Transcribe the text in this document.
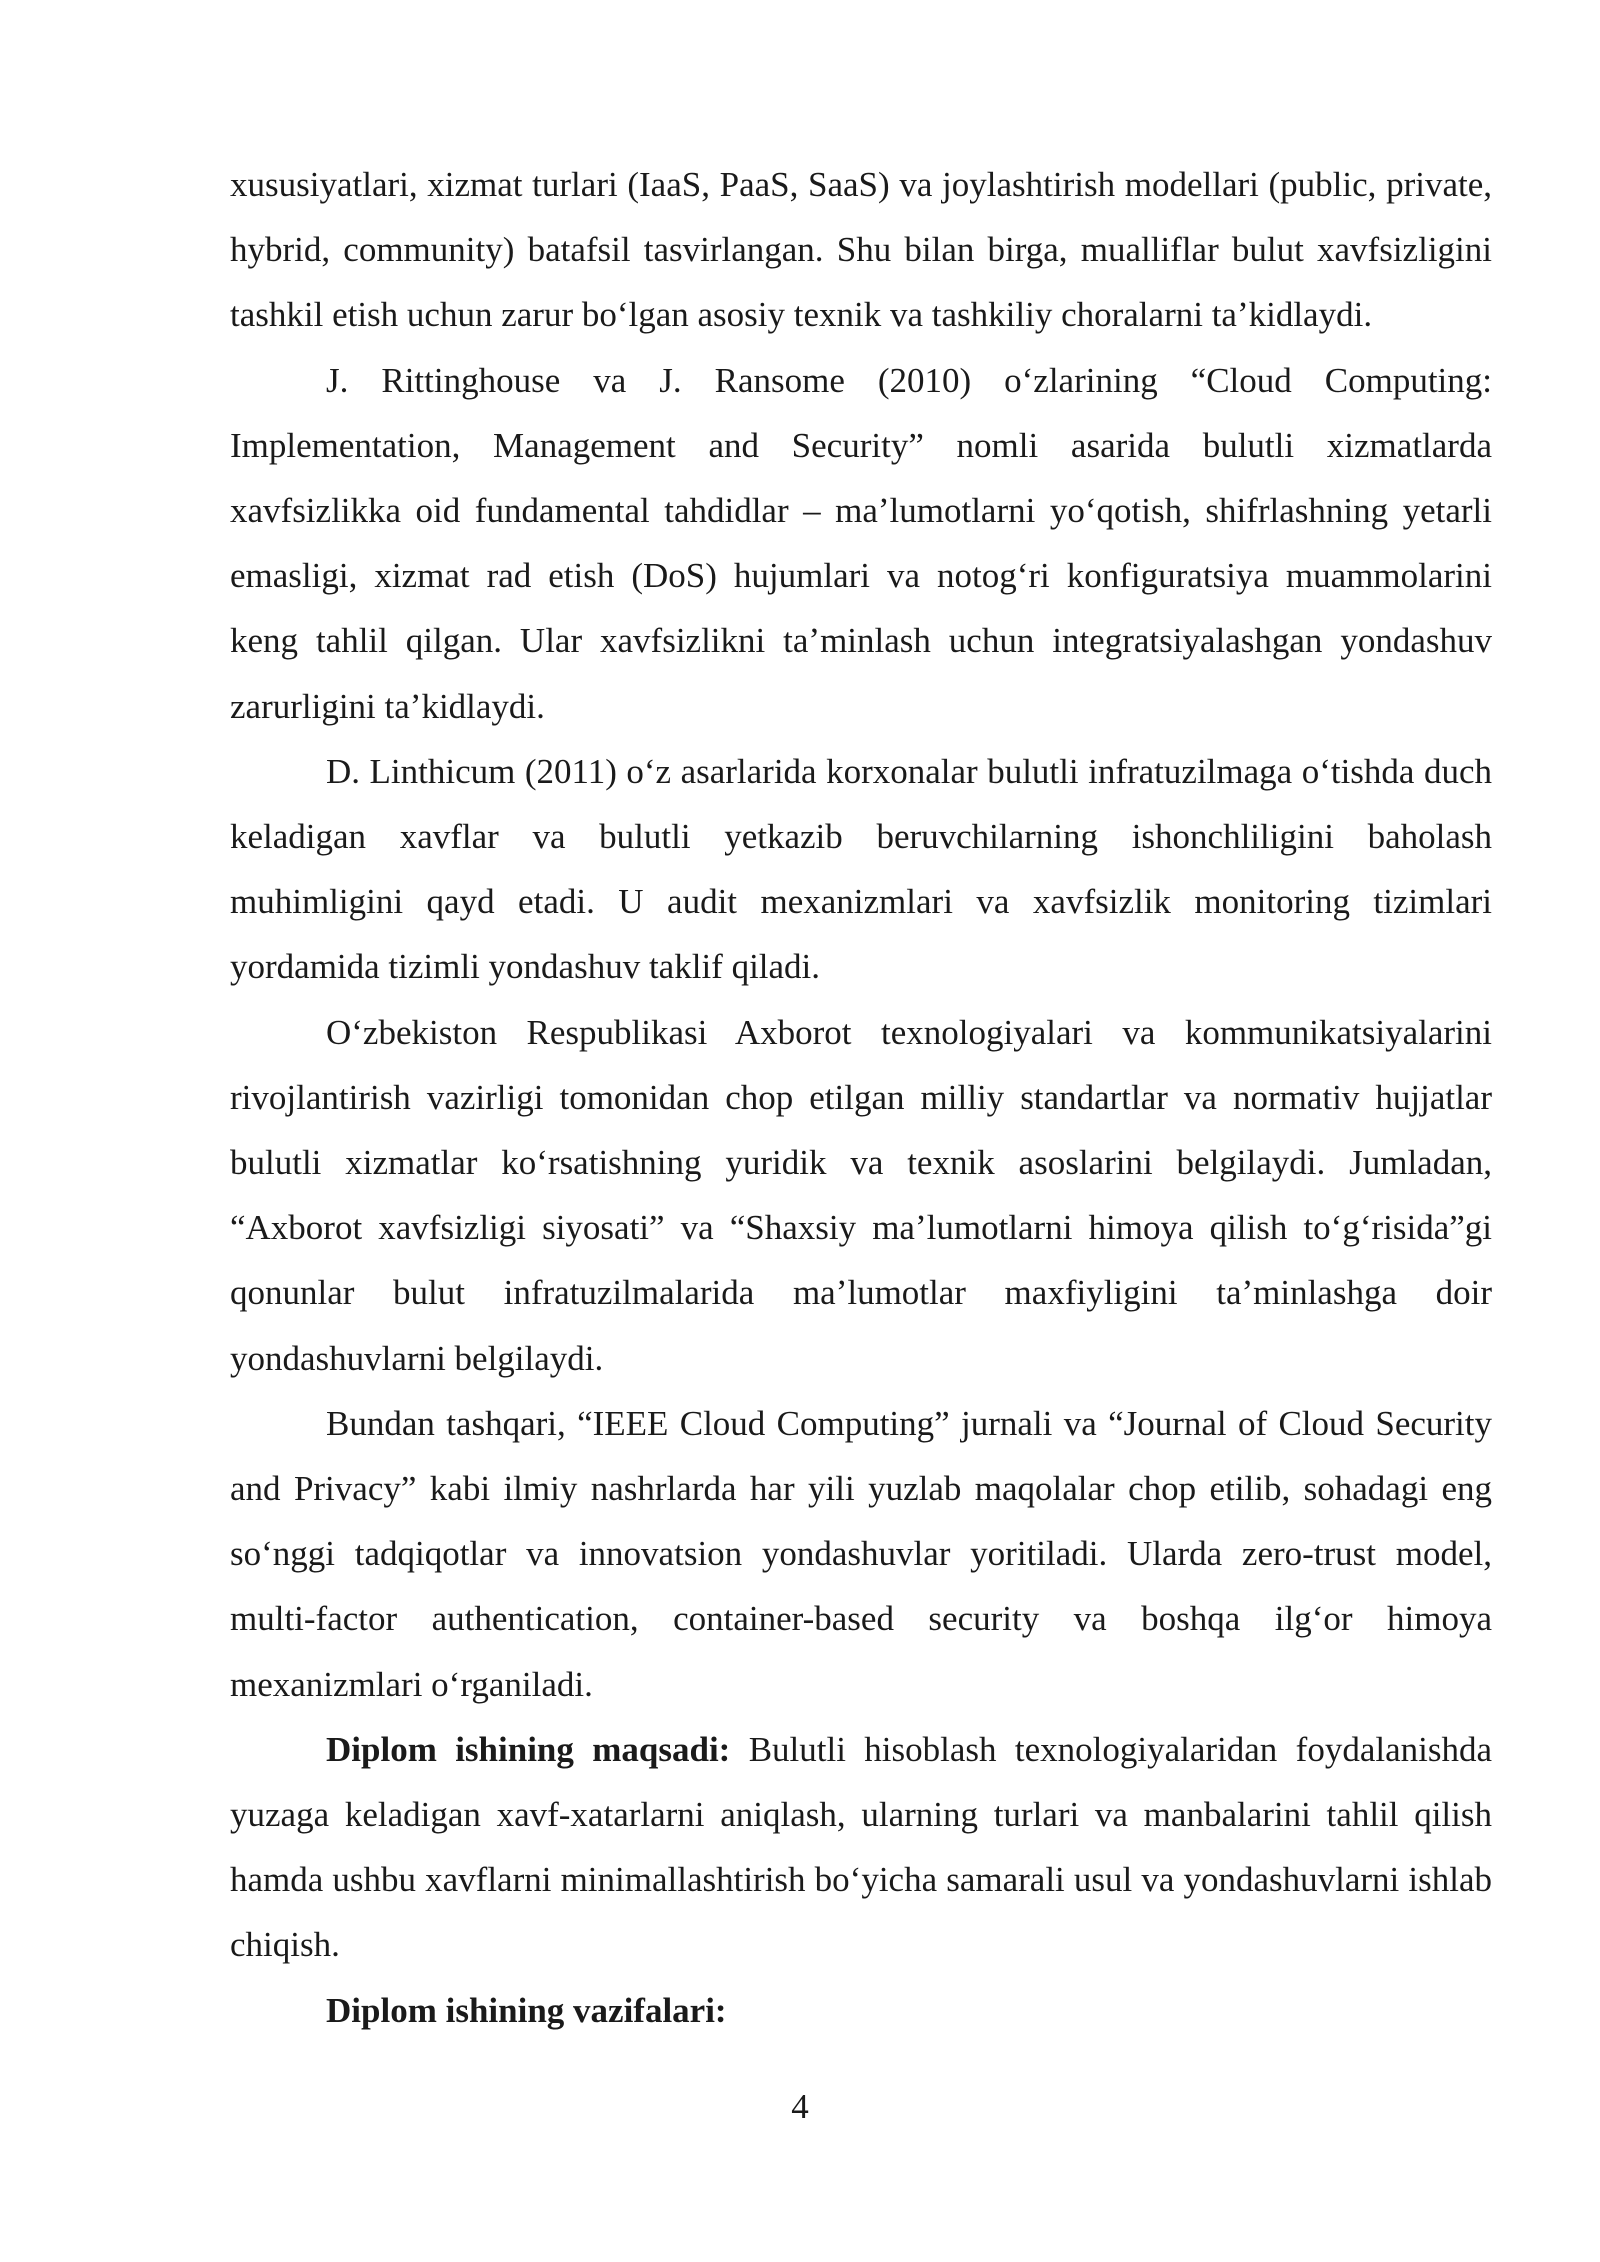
xususiyatlari, xizmat turlari (IaaS, PaaS, SaaS) va joylashtirish modellari (public, private, hybrid, community) batafsil tasvirlangan. Shu bilan birga, mualliflar bulut xavfsizligini tashkil etish uchun zarur boʻlgan asosiy texnik va tashkiliy choralarni taʼkidlaydi.

J. Rittinghouse va J. Ransome (2010) oʻzlarining “Cloud Computing: Implementation, Management and Security” nomli asarida bulutli xizmatlarda xavfsizlikka oid fundamental tahdidlar – maʼlumotlarni yoʻqotish, shifrlashning yetarli emasligi, xizmat rad etish (DoS) hujumlari va notogʻri konfiguratsiya muammolarini keng tahlil qilgan. Ular xavfsizlikni taʼminlash uchun integratsiyalashgan yondashuv zarurligini taʼkidlaydi.

D. Linthicum (2011) oʻz asarlarida korxonalar bulutli infratuzilmaga oʻtishda duch keladigan xavflar va bulutli yetkazib beruvchilarning ishonchliligini baholash muhimligini qayd etadi. U audit mexanizmlari va xavfsizlik monitoring tizimlari yordamida tizimli yondashuv taklif qiladi.

Oʻzbekiston Respublikasi Axborot texnologiyalari va kommunikatsiyalarini rivojlantirish vazirligi tomonidan chop etilgan milliy standartlar va normativ hujjatlar bulutli xizmatlar koʻrsatishning yuridik va texnik asoslarini belgilaydi. Jumladan, “Axborot xavfsizligi siyosati” va “Shaxsiy maʼlumotlarni himoya qilish toʻgʻrisida”gi qonunlar bulut infratuzilmalarida maʼlumotlar maxfiyligini taʼminlashga doir yondashuvlarni belgilaydi.

Bundan tashqari, “IEEE Cloud Computing” jurnali va “Journal of Cloud Security and Privacy” kabi ilmiy nashrlarda har yili yuzlab maqolalar chop etilib, sohadagi eng soʻnggi tadqiqotlar va innovatsion yondashuvlar yoritiladi. Ularda zero-trust model, multi-factor authentication, container-based security va boshqa ilgʻor himoya mexanizmlari oʻrganiladi.

Diplom ishining maqsadi: Bulutli hisoblash texnologiyalaridan foydalanishda yuzaga keladigan xavf-xatarlarni aniqlash, ularning turlari va manbalarini tahlil qilish hamda ushbu xavflarni minimallashtirish boʻyicha samarali usul va yondashuvlarni ishlab chiqish.

Diplom ishining vazifalari:

4
